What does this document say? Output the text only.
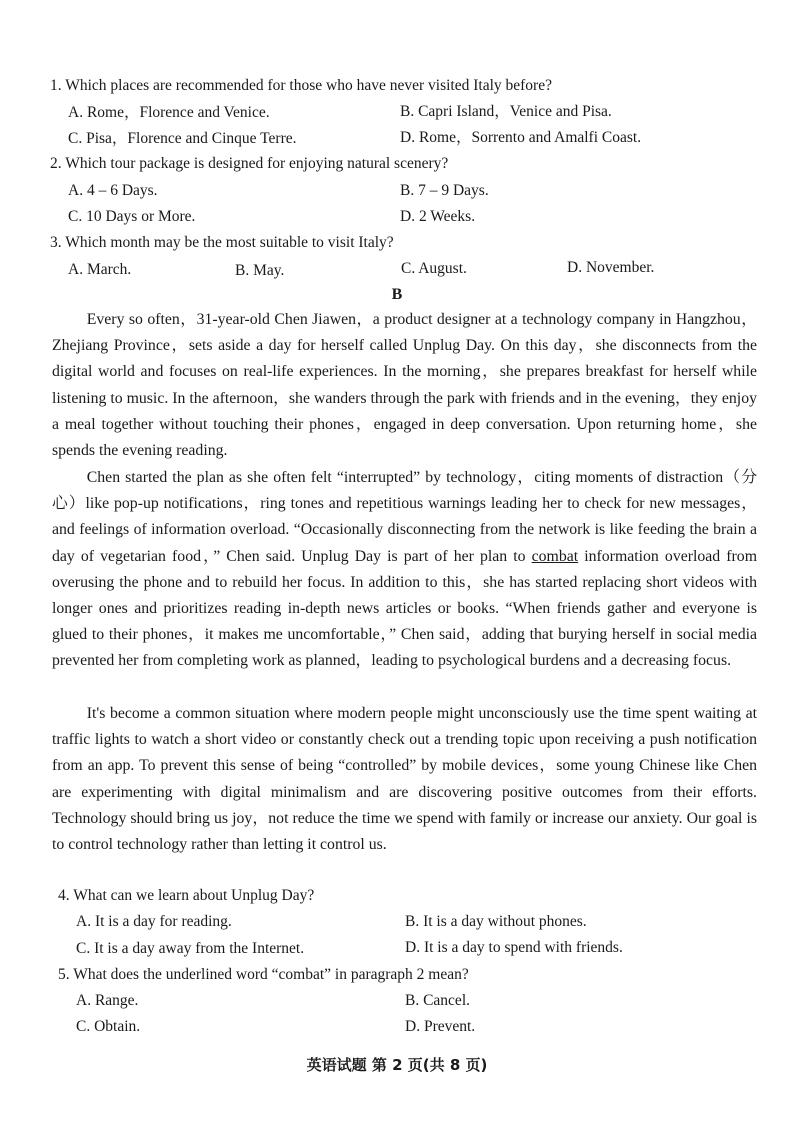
1. Which places are recommended for those who have never visited Italy before?
A. Rome，Florence and Venice.	B. Capri Island，Venice and Pisa.
C. Pisa，Florence and Cinque Terre.	D. Rome，Sorrento and Amalfi Coast.
2. Which tour package is designed for enjoying natural scenery?
A. 4 – 6 Days.	B. 7 – 9 Days.
C. 10 Days or More.	D. 2 Weeks.
3. Which month may be the most suitable to visit Italy?
A. March.	B. May.	C. August.	D. November.
B

Every so often，31-year-old Chen Jiawen，a product designer at a technology company in Hangzhou，Zhejiang Province，sets aside a day for herself called Unplug Day. On this day，she disconnects from the digital world and focuses on real-life experiences. In the morning，she prepares breakfast for herself while listening to music. In the afternoon，she wanders through the park with friends and in the evening，they enjoy a meal together without touching their phones，engaged in deep conversation. Upon returning home，she spends the evening reading.

Chen started the plan as she often felt “interrupted” by technology，citing moments of distraction（分心）like pop-up notifications，ring tones and repetitious warnings leading her to check for new messages，and feelings of information overload. “Occasionally disconnecting from the network is like feeding the brain a day of vegetarian food，” Chen said. Unplug Day is part of her plan to combat information overload from overusing the phone and to rebuild her focus. In addition to this，she has started replacing short videos with longer ones and prioritizes reading in-depth news articles or books. “When friends gather and everyone is glued to their phones，it makes me uncomfortable，” Chen said，adding that burying herself in social media prevented her from completing work as planned，leading to psychological burdens and a decreasing focus.

It's become a common situation where modern people might unconsciously use the time spent waiting at traffic lights to watch a short video or constantly check out a trending topic upon receiving a push notification from an app. To prevent this sense of being “controlled” by mobile devices，some young Chinese like Chen are experimenting with digital minimalism and are discovering positive outcomes from their efforts. Technology should bring us joy，not reduce the time we spend with family or increase our anxiety. Our goal is to control technology rather than letting it control us.

4. What can we learn about Unplug Day?
A. It is a day for reading.	B. It is a day without phones.
C. It is a day away from the Internet.	D. It is a day to spend with friends.
5. What does the underlined word “combat” in paragraph 2 mean?
A. Range.	B. Cancel.
C. Obtain.	D. Prevent.
英语试题 第 2 页(共 8 页)
